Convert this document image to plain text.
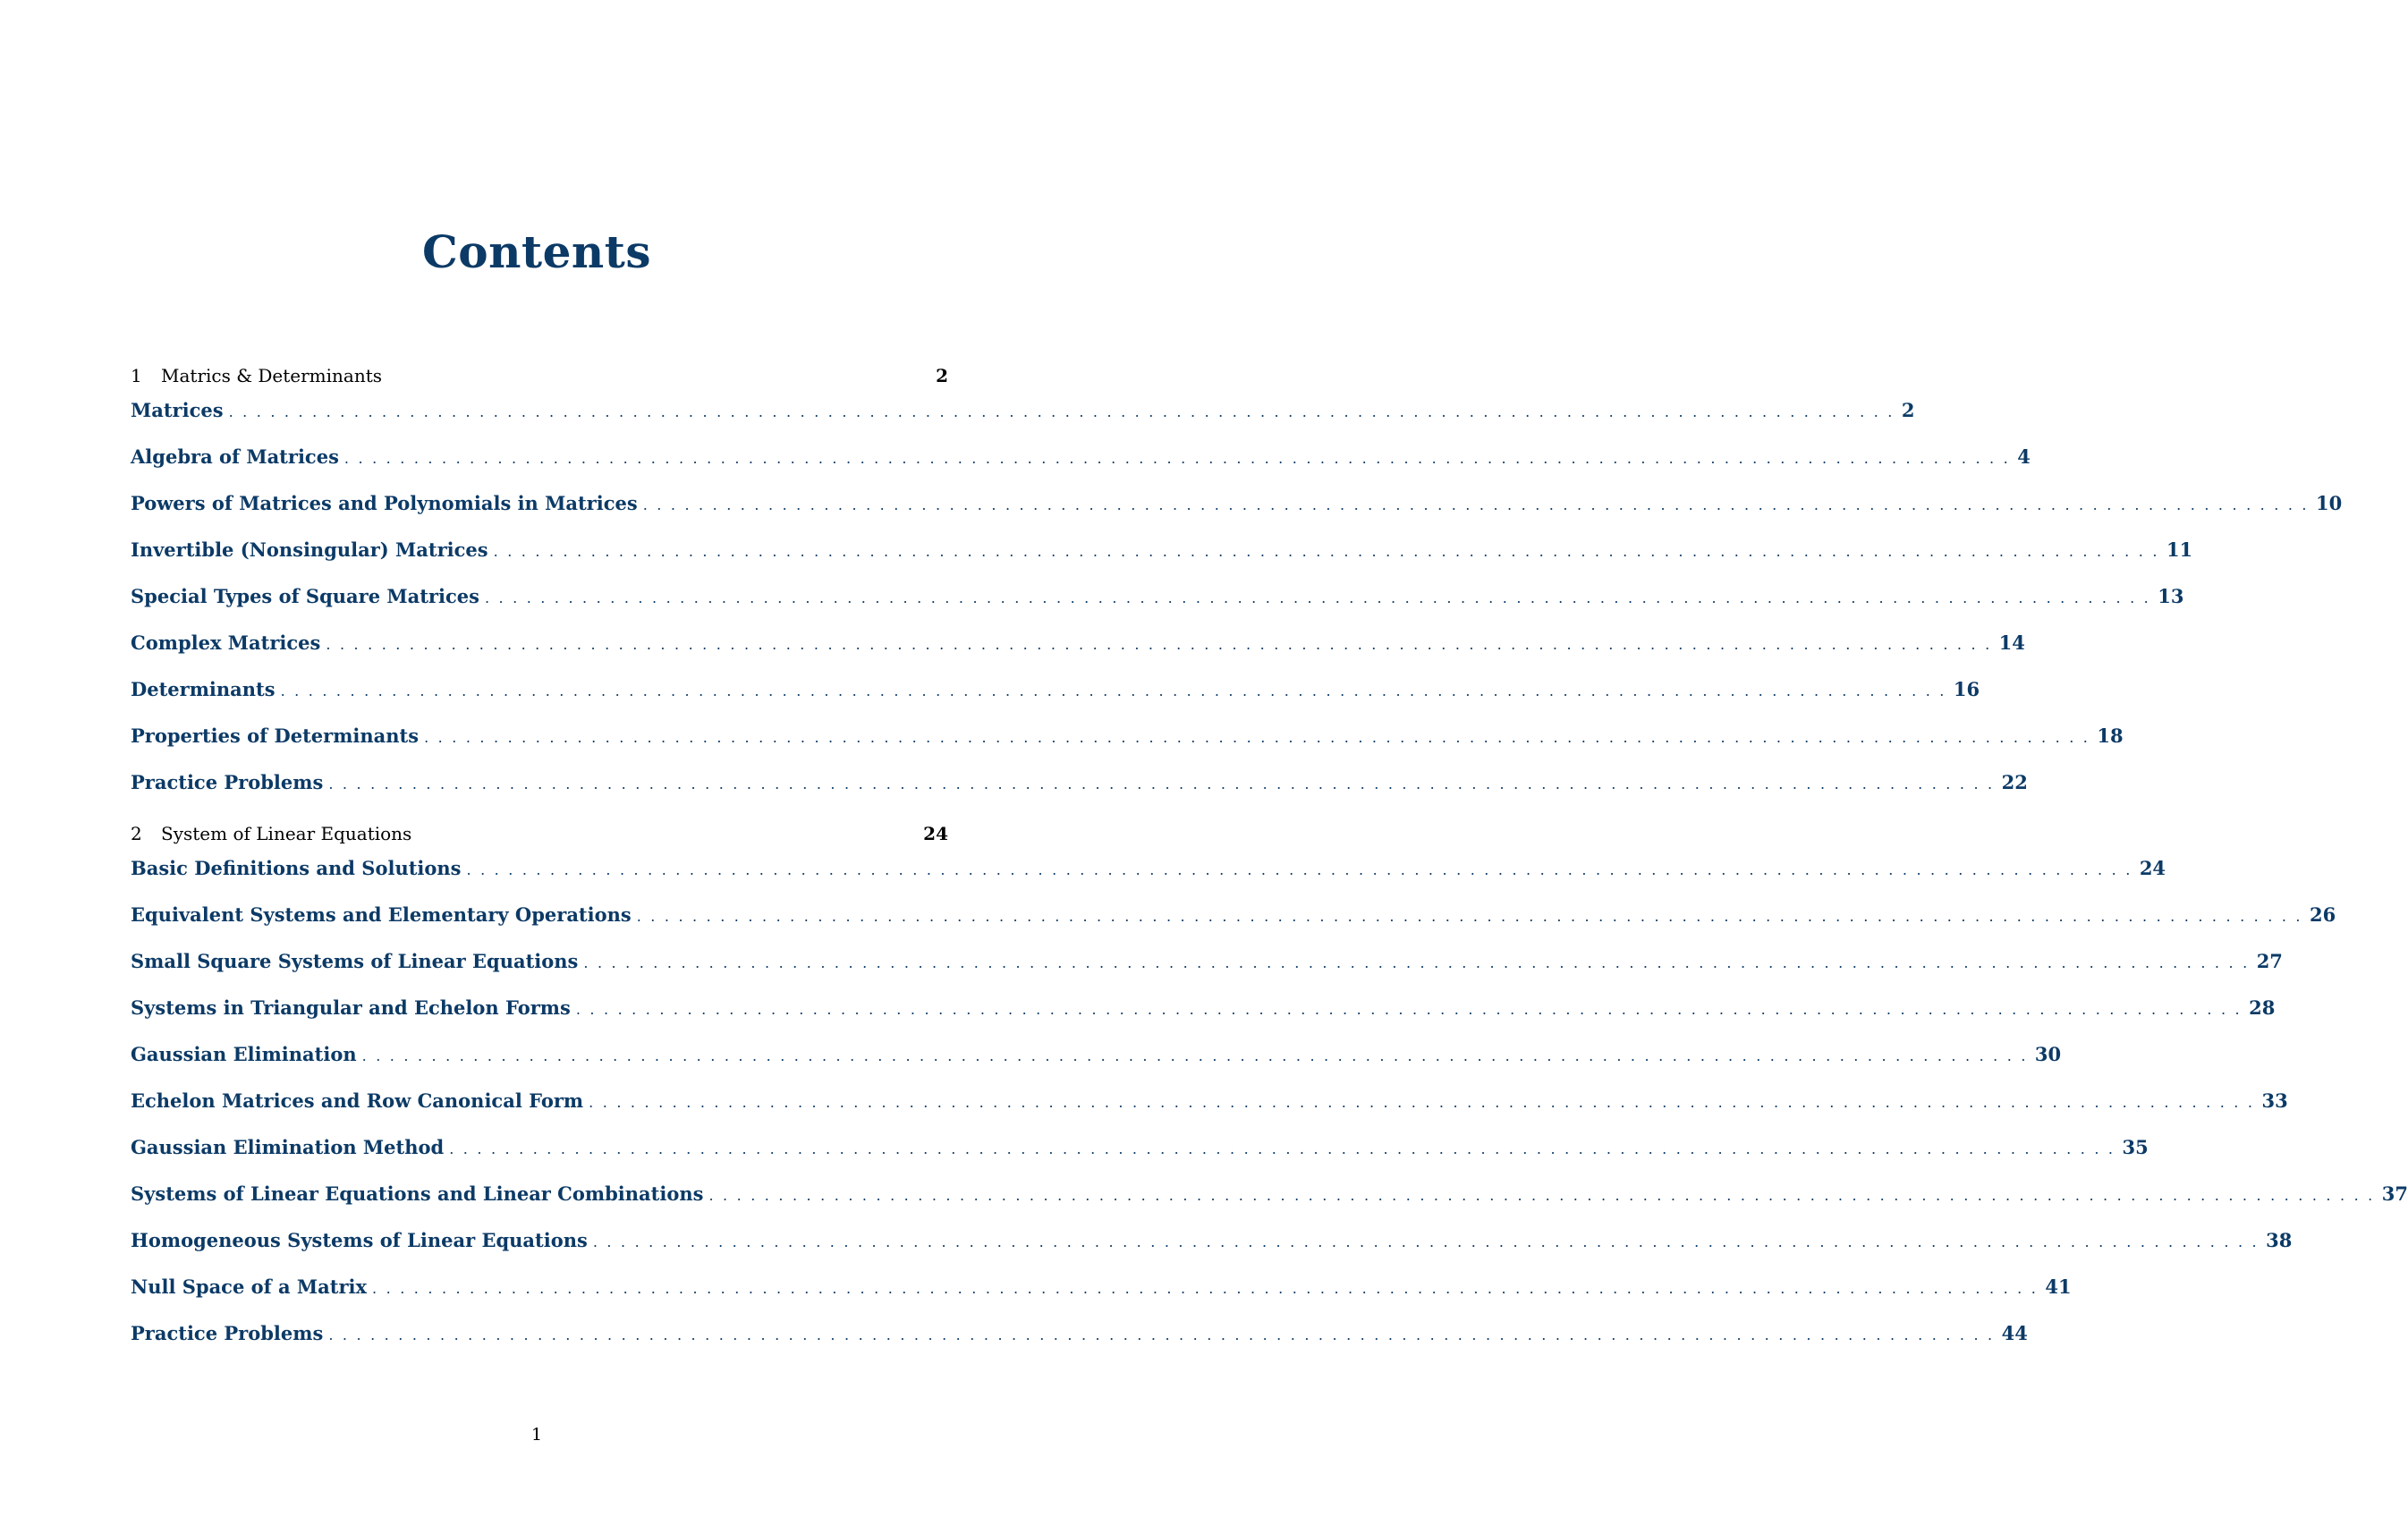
Contents
1	Matrics & Determinants	2
Matrices ........................................................................................................................ 2
Algebra of Matrices ........................................................................................................................ 4
Powers of Matrices and Polynomials in Matrices ........................................................................................................................ 10
Invertible (Nonsingular) Matrices ........................................................................................................................ 11
Special Types of Square Matrices ........................................................................................................................ 13
Complex Matrices ........................................................................................................................ 14
Determinants ........................................................................................................................ 16
Properties of Determinants ........................................................................................................................ 18
Practice Problems ........................................................................................................................ 22
2	System of Linear Equations	24
Basic Definitions and Solutions ........................................................................................................................ 24
Equivalent Systems and Elementary Operations ........................................................................................................................ 26
Small Square Systems of Linear Equations ........................................................................................................................ 27
Systems in Triangular and Echelon Forms ........................................................................................................................ 28
Gaussian Elimination ........................................................................................................................ 30
Echelon Matrices and Row Canonical Form ........................................................................................................................ 33
Gaussian Elimination Method ........................................................................................................................ 35
Systems of Linear Equations and Linear Combinations ........................................................................................................................ 37
Homogeneous Systems of Linear Equations ........................................................................................................................ 38
Null Space of a Matrix ........................................................................................................................ 41
Practice Problems ........................................................................................................................ 44
1
